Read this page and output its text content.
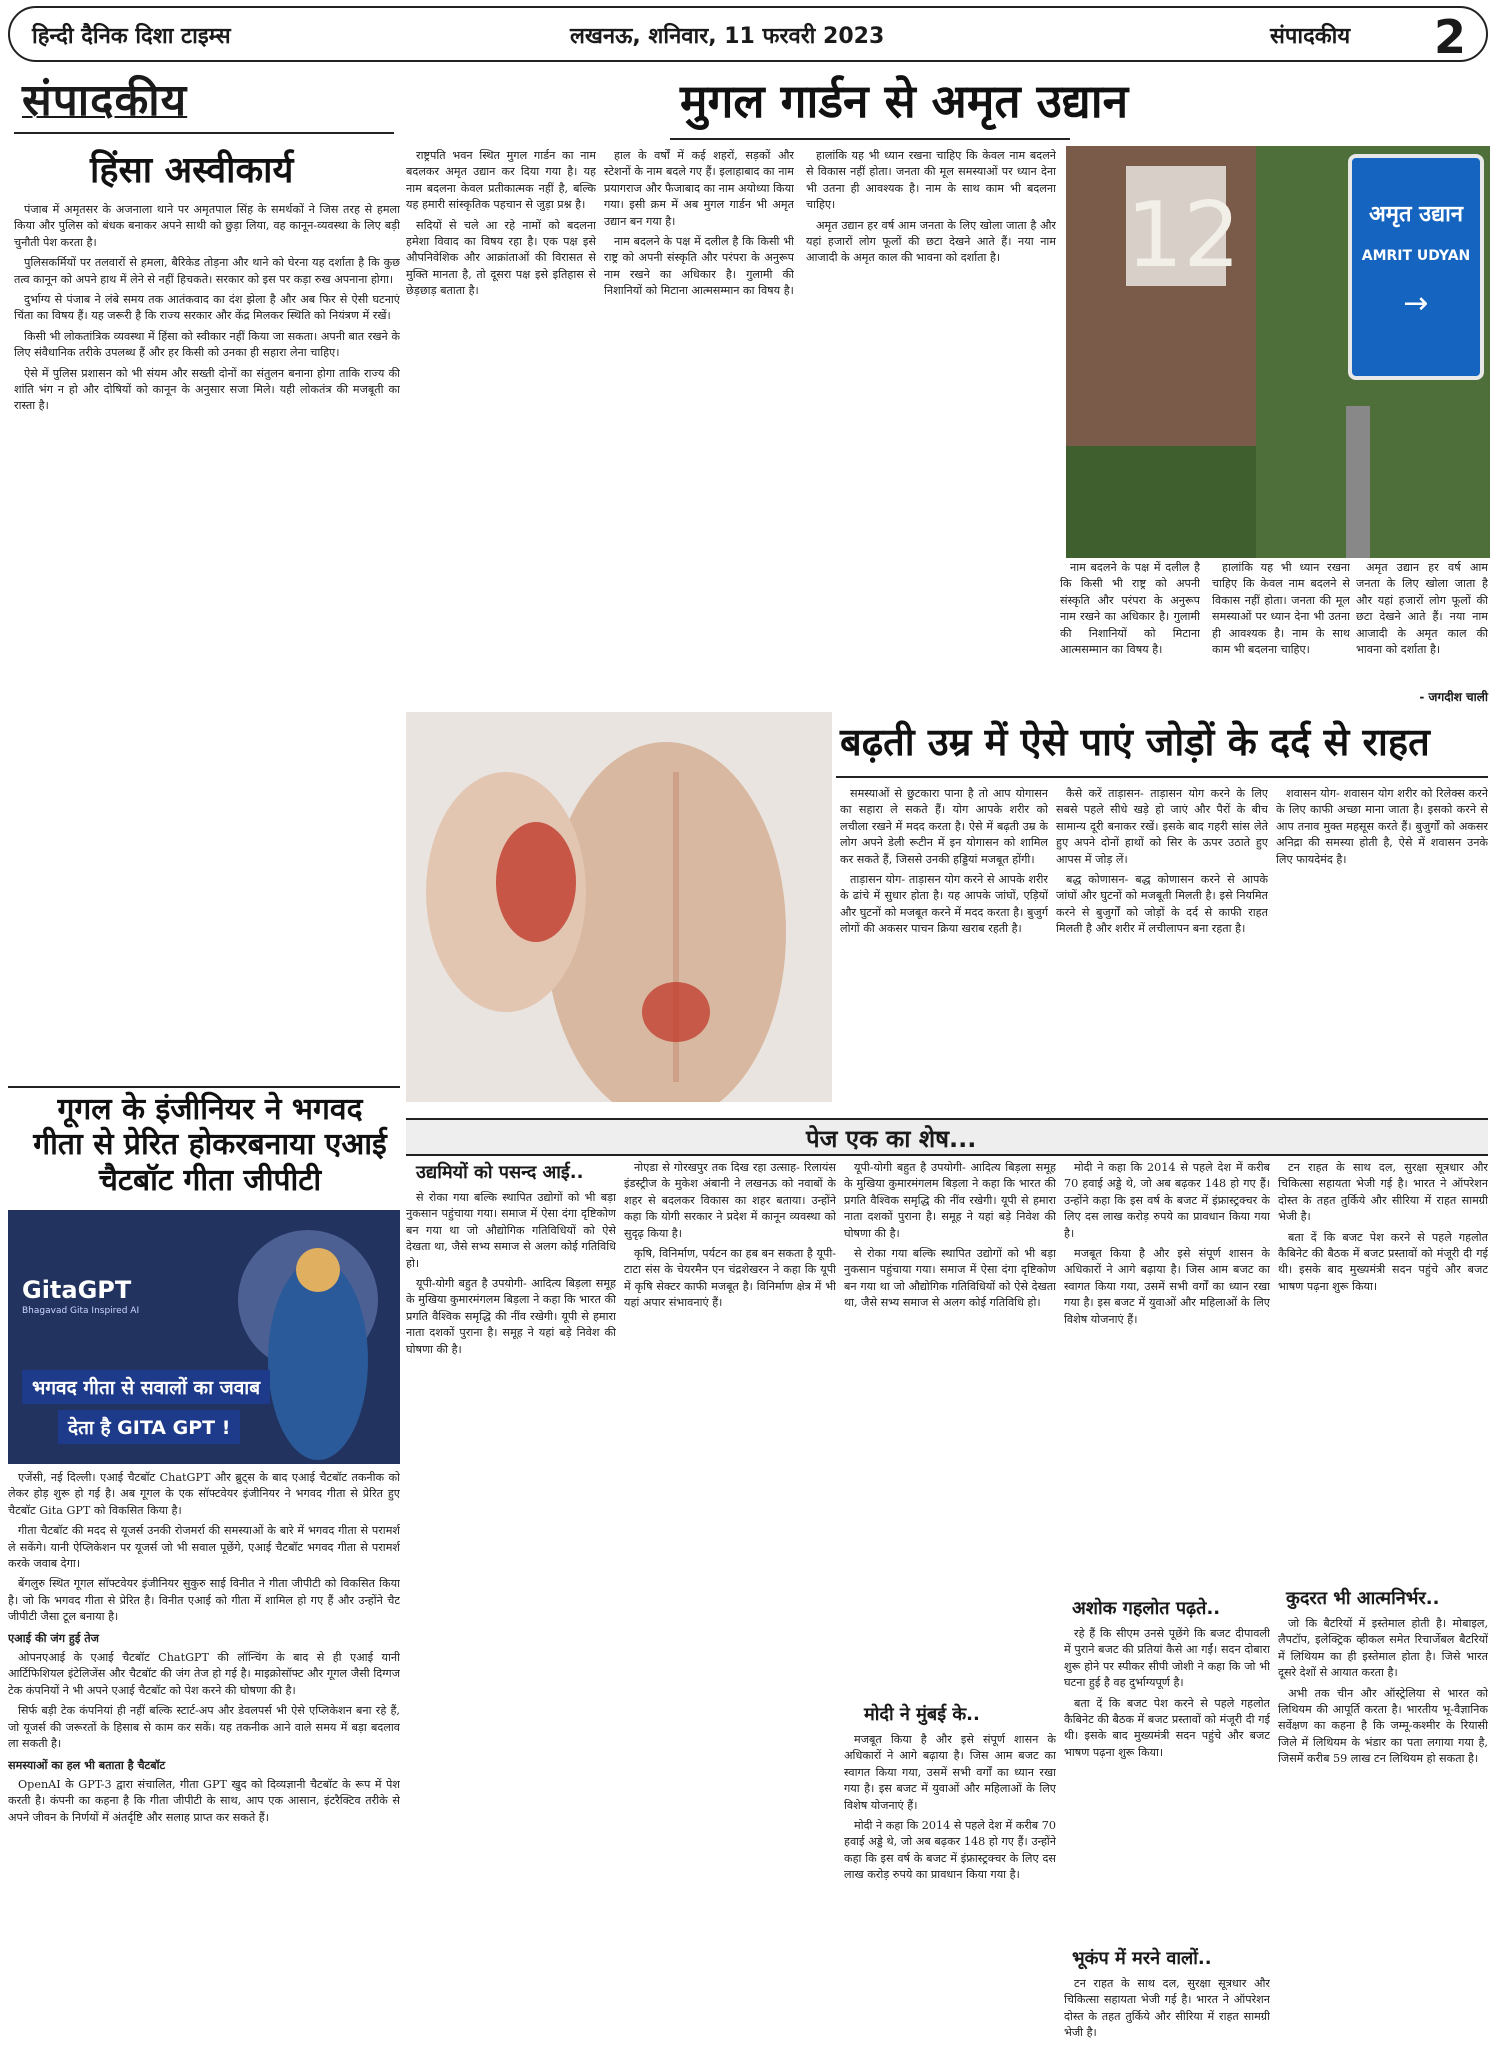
हिन्दी दैनिक दिशा टाइम्स	लखनऊ, शनिवार, 11 फरवरी 2023	संपादकीय 2
संपादकीय	मुगल गार्डन से अमृत उद्यान
हिंसा अस्वीकार्य

पंजाब में अमृतसर के अजनाला थाने पर अमृतपाल सिंह के समर्थकों ने जिस तरह से हमला किया और पुलिस को बंधक बनाकर अपने साथी को छुड़ा लिया, वह कानून-व्यवस्था के लिए बड़ी चुनौती पेश करता है।

पुलिसकर्मियों पर तलवारों से हमला, बैरिकेड तोड़ना और थाने को घेरना यह दर्शाता है कि कुछ तत्व कानून को अपने हाथ में लेने से नहीं हिचकते। सरकार को इस पर कड़ा रुख अपनाना होगा।

दुर्भाग्य से पंजाब ने लंबे समय तक आतंकवाद का दंश झेला है और अब फिर से ऐसी घटनाएं चिंता का विषय हैं। यह जरूरी है कि राज्य सरकार और केंद्र मिलकर स्थिति को नियंत्रण में रखें।

किसी भी लोकतांत्रिक व्यवस्था में हिंसा को स्वीकार नहीं किया जा सकता। अपनी बात रखने के लिए संवैधानिक तरीके उपलब्ध हैं और हर किसी को उनका ही सहारा लेना चाहिए।

ऐसे में पुलिस प्रशासन को भी संयम और सख्ती दोनों का संतुलन बनाना होगा ताकि राज्य की शांति भंग न हो और दोषियों को कानून के अनुसार सजा मिले। यही लोकतंत्र की मजबूती का रास्ता है।

राष्ट्रपति भवन स्थित मुगल गार्डन का नाम बदलकर अमृत उद्यान कर दिया गया है। यह नाम बदलना केवल प्रतीकात्मक नहीं है, बल्कि यह हमारी सांस्कृतिक पहचान से जुड़ा प्रश्न है।

सदियों से चले आ रहे नामों को बदलना हमेशा विवाद का विषय रहा है। एक पक्ष इसे औपनिवेशिक और आक्रांताओं की विरासत से मुक्ति मानता है, तो दूसरा पक्ष इसे इतिहास से छेड़छाड़ बताता है।

हाल के वर्षों में कई शहरों, सड़कों और स्टेशनों के नाम बदले गए हैं। इलाहाबाद का नाम प्रयागराज और फैजाबाद का नाम अयोध्या किया गया। इसी क्रम में अब मुगल गार्डन भी अमृत उद्यान बन गया है।

नाम बदलने के पक्ष में दलील है कि किसी भी राष्ट्र को अपनी संस्कृति और परंपरा के अनुरूप नाम रखने का अधिकार है। गुलामी की निशानियों को मिटाना आत्मसम्मान का विषय है।

हालांकि यह भी ध्यान रखना चाहिए कि केवल नाम बदलने से विकास नहीं होता। जनता की मूल समस्याओं पर ध्यान देना भी उतना ही आवश्यक है। नाम के साथ काम भी बदलना चाहिए।

अमृत उद्यान हर वर्ष आम जनता के लिए खोला जाता है और यहां हजारों लोग फूलों की छटा देखने आते हैं। नया नाम आजादी के अमृत काल की भावना को दर्शाता है।	12	अमृत उद्यान
AMRIT UDYAN
→

नाम बदलने के पक्ष में दलील है कि किसी भी राष्ट्र को अपनी संस्कृति और परंपरा के अनुरूप नाम रखने का अधिकार है। गुलामी की निशानियों को मिटाना आत्मसम्मान का विषय है।

हालांकि यह भी ध्यान रखना चाहिए कि केवल नाम बदलने से विकास नहीं होता। जनता की मूल समस्याओं पर ध्यान देना भी उतना ही आवश्यक है। नाम के साथ काम भी बदलना चाहिए।

अमृत उद्यान हर वर्ष आम जनता के लिए खोला जाता है और यहां हजारों लोग फूलों की छटा देखने आते हैं। नया नाम आजादी के अमृत काल की भावना को दर्शाता है।

- जगदीश चाली
बढ़ती उम्र में ऐसे पाएं जोड़ों के दर्द से राहत

समस्याओं से छुटकारा पाना है तो आप योगासन का सहारा ले सकते हैं। योग आपके शरीर को लचीला रखने में मदद करता है। ऐसे में बढ़ती उम्र के लोग अपने डेली रूटीन में इन योगासन को शामिल कर सकते हैं, जिससे उनकी हड्डियां मजबूत होंगी।

ताड़ासन योग- ताड़ासन योग करने से आपके शरीर के ढांचे में सुधार होता है। यह आपके जांघों, एड़ियों और घुटनों को मजबूत करने में मदद करता है। बुजुर्ग लोगों की अकसर पाचन क्रिया खराब रहती है।

कैसे करें ताड़ासन- ताड़ासन योग करने के लिए सबसे पहले सीधे खड़े हो जाएं और पैरों के बीच सामान्य दूरी बनाकर रखें। इसके बाद गहरी सांस लेते हुए अपने दोनों हाथों को सिर के ऊपर उठाते हुए आपस में जोड़ लें।

बद्ध कोणासन- बद्ध कोणासन करने से आपके जांघों और घुटनों को मजबूती मिलती है। इसे नियमित करने से बुजुर्गों को जोड़ों के दर्द से काफी राहत मिलती है और शरीर में लचीलापन बना रहता है।

शवासन योग- शवासन योग शरीर को रिलेक्स करने के लिए काफी अच्छा माना जाता है। इसको करने से आप तनाव मुक्त महसूस करते हैं। बुजुर्गों को अकसर अनिद्रा की समस्या होती है, ऐसे में शवासन उनके लिए फायदेमंद है।

गूगल के इंजीनियर ने भगवद गीता से प्रेरित होकरबनाया एआई चैटबॉट गीता जीपीटी
GitaGPT
Bhagavad Gita Inspired AI
भगवद गीता से सवालों का जवाब
देता है GITA GPT !

एजेंसी, नई दिल्ली। एआई चैटबॉट ChatGPT और ब्रुट्स के बाद एआई चैटबॉट तकनीक को लेकर होड़ शुरू हो गई है। अब गूगल के एक सॉफ्टवेयर इंजीनियर ने भगवद गीता से प्रेरित हुए चैटबॉट Gita GPT को विकसित किया है।

गीता चैटबॉट की मदद से यूजर्स उनकी रोजमर्रा की समस्याओं के बारे में भगवद गीता से परामर्श ले सकेंगे। यानी ऐप्लिकेशन पर यूजर्स जो भी सवाल पूछेंगे, एआई चैटबॉट भगवद गीता से परामर्श करके जवाब देगा।

बेंगलुरु स्थित गूगल सॉफ्टवेयर इंजीनियर सुकुरु साई विनीत ने गीता जीपीटी को विकसित किया है। जो कि भगवद गीता से प्रेरित है। विनीत एआई को गीता में शामिल हो गए हैं और उन्होंने चैट जीपीटी जैसा टूल बनाया है।

एआई की जंग हुई तेज

ओपनएआई के एआई चैटबॉट ChatGPT की लॉन्चिंग के बाद से ही एआई यानी आर्टिफिशियल इंटेलिजेंस और चैटबॉट की जंग तेज हो गई है। माइक्रोसॉफ्ट और गूगल जैसी दिग्गज टेक कंपनियों ने भी अपने एआई चैटबॉट को पेश करने की घोषणा की है।

सिर्फ बड़ी टेक कंपनियां ही नहीं बल्कि स्टार्ट-अप और डेवलपर्स भी ऐसे एप्लिकेशन बना रहे हैं, जो यूजर्स की जरूरतों के हिसाब से काम कर सकें। यह तकनीक आने वाले समय में बड़ा बदलाव ला सकती है।

समस्याओं का हल भी बताता है चैटबॉट

OpenAI के GPT-3 द्वारा संचालित, गीता GPT खुद को दिव्यज्ञानी चैटबॉट के रूप में पेश करती है। कंपनी का कहना है कि गीता जीपीटी के साथ, आप एक आसान, इंटरैक्टिव तरीके से अपने जीवन के निर्णयों में अंतर्दृष्टि और सलाह प्राप्त कर सकते हैं।

पेज एक का शेष...
उद्यमियों को पसन्द आई..

से रोका गया बल्कि स्थापित उद्योगों को भी बड़ा नुकसान पहुंचाया गया। समाज में ऐसा दंगा दृष्टिकोण बन गया था जो औद्योगिक गतिविधियों को ऐसे देखता था, जैसे सभ्य समाज से अलग कोई गतिविधि हो।

यूपी-योगी बहुत है उपयोगी- आदित्य बिड़ला समूह के मुखिया कुमारमंगलम बिड़ला ने कहा कि भारत की प्रगति वैश्विक समृद्धि की नींव रखेगी। यूपी से हमारा नाता दशकों पुराना है। समूह ने यहां बड़े निवेश की घोषणा की है।

नोएडा से गोरखपुर तक दिख रहा उत्साह- रिलायंस इंडस्ट्रीज के मुकेश अंबानी ने लखनऊ को नवाबों के शहर से बदलकर विकास का शहर बताया। उन्होंने कहा कि योगी सरकार ने प्रदेश में कानून व्यवस्था को सुदृढ़ किया है।

कृषि, विनिर्माण, पर्यटन का हब बन सकता है यूपी- टाटा संस के चेयरमैन एन चंद्रशेखरन ने कहा कि यूपी में कृषि सेक्टर काफी मजबूत है। विनिर्माण क्षेत्र में भी यहां अपार संभावनाएं हैं।

मोदी ने मुंबई के..

यूपी-योगी बहुत है उपयोगी- आदित्य बिड़ला समूह के मुखिया कुमारमंगलम बिड़ला ने कहा कि भारत की प्रगति वैश्विक समृद्धि की नींव रखेगी। यूपी से हमारा नाता दशकों पुराना है। समूह ने यहां बड़े निवेश की घोषणा की है।

से रोका गया बल्कि स्थापित उद्योगों को भी बड़ा नुकसान पहुंचाया गया। समाज में ऐसा दंगा दृष्टिकोण बन गया था जो औद्योगिक गतिविधियों को ऐसे देखता था, जैसे सभ्य समाज से अलग कोई गतिविधि हो।

मजबूत किया है और इसे संपूर्ण शासन के अधिकारों ने आगे बढ़ाया है। जिस आम बजट का स्वागत किया गया, उसमें सभी वर्गों का ध्यान रखा गया है। इस बजट में युवाओं और महिलाओं के लिए विशेष योजनाएं हैं।

मोदी ने कहा कि 2014 से पहले देश में करीब 70 हवाई अड्डे थे, जो अब बढ़कर 148 हो गए हैं। उन्होंने कहा कि इस वर्ष के बजट में इंफ्रास्ट्रक्चर के लिए दस लाख करोड़ रुपये का प्रावधान किया गया है।

मोदी ने कहा कि 2014 से पहले देश में करीब 70 हवाई अड्डे थे, जो अब बढ़कर 148 हो गए हैं। उन्होंने कहा कि इस वर्ष के बजट में इंफ्रास्ट्रक्चर के लिए दस लाख करोड़ रुपये का प्रावधान किया गया है।

मजबूत किया है और इसे संपूर्ण शासन के अधिकारों ने आगे बढ़ाया है। जिस आम बजट का स्वागत किया गया, उसमें सभी वर्गों का ध्यान रखा गया है। इस बजट में युवाओं और महिलाओं के लिए विशेष योजनाएं हैं।

अशोक गहलोत पढ़ते..

रहे हैं कि सीएम उनसे पूछेंगे कि बजट दीपावली में पुराने बजट की प्रतियां कैसे आ गईं। सदन दोबारा शुरू होने पर स्पीकर सीपी जोशी ने कहा कि जो भी घटना हुई है वह दुर्भाग्यपूर्ण है।

बता दें कि बजट पेश करने से पहले गहलोत कैबिनेट की बैठक में बजट प्रस्तावों को मंजूरी दी गई थी। इसके बाद मुख्यमंत्री सदन पहुंचे और बजट भाषण पढ़ना शुरू किया।

भूकंप में मरने वालों..

टन राहत के साथ दल, सुरक्षा सूत्रधार और चिकित्सा सहायता भेजी गई है। भारत ने ऑपरेशन दोस्त के तहत तुर्किये और सीरिया में राहत सामग्री भेजी है।

टन राहत के साथ दल, सुरक्षा सूत्रधार और चिकित्सा सहायता भेजी गई है। भारत ने ऑपरेशन दोस्त के तहत तुर्किये और सीरिया में राहत सामग्री भेजी है।

बता दें कि बजट पेश करने से पहले गहलोत कैबिनेट की बैठक में बजट प्रस्तावों को मंजूरी दी गई थी। इसके बाद मुख्यमंत्री सदन पहुंचे और बजट भाषण पढ़ना शुरू किया।

कुदरत भी आत्मनिर्भर..

जो कि बैटरियों में इस्तेमाल होती है। मोबाइल, लैपटॉप, इलेक्ट्रिक व्हीकल समेत रिचार्जेबल बैटरियों में लिथियम का ही इस्तेमाल होता है। जिसे भारत दूसरे देशों से आयात करता है।

अभी तक चीन और ऑस्ट्रेलिया से भारत को लिथियम की आपूर्ति करता है। भारतीय भू-वैज्ञानिक सर्वेक्षण का कहना है कि जम्मू-कश्मीर के रियासी जिले में लिथियम के भंडार का पता लगाया गया है, जिसमें करीब 59 लाख टन लिथियम हो सकता है।
